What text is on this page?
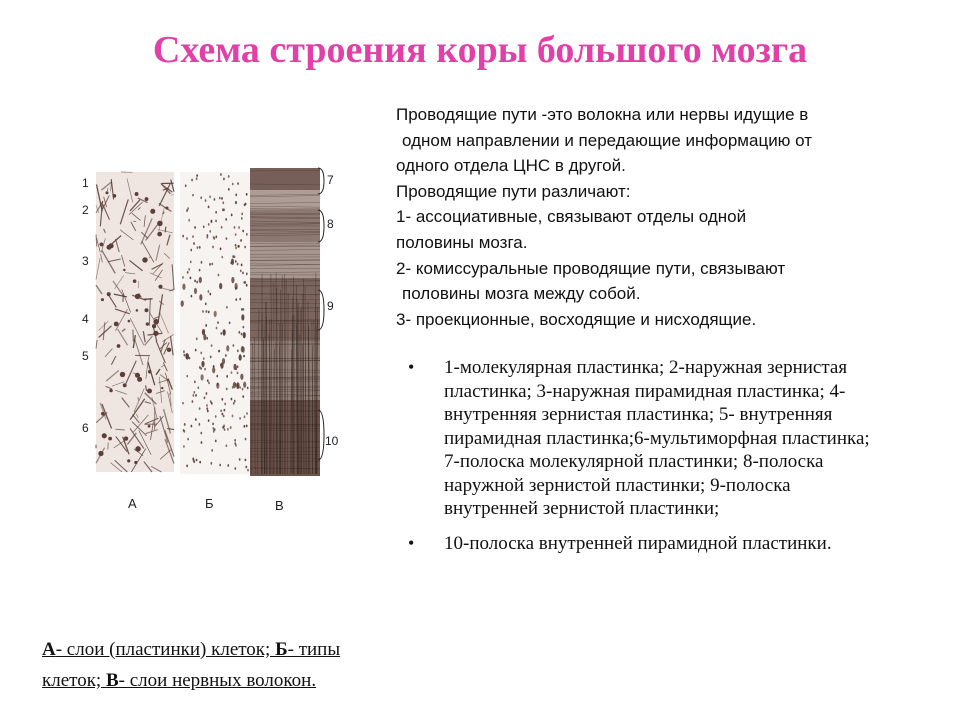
Схема строения коры большого мозга

Проводящие пути -это волокна или нервы идущие в

одном направлении и передающие информацию от

одного отдела ЦНС в другой.

Проводящие пути различают:

1- ассоциативные, связывают отделы одной

половины мозга.

2- комиссуральные проводящие пути, связывают

половины мозга между собой.

3- проекционные, восходящие и нисходящие.

• 1-молекулярная пластинка; 2-наружная зернистая пластинка; 3-наружная пирамидная пластинка; 4- внутренняя зернистая пластинка; 5- внутренняя пирамидная пластинка;6-мультиморфная пластинка; 7-полоска молекулярной пластинки; 8-полоска наружной зернистой пластинки; 9-полоска внутренней зернистой пластинки;
• 10-полоска внутренней пирамидной пластинки.
1
2
3
4
5
6
7
8
9
10
А	Б	В
А- слои (пластинки) клеток; Б- типы
клеток; В- слои нервных волокон.
